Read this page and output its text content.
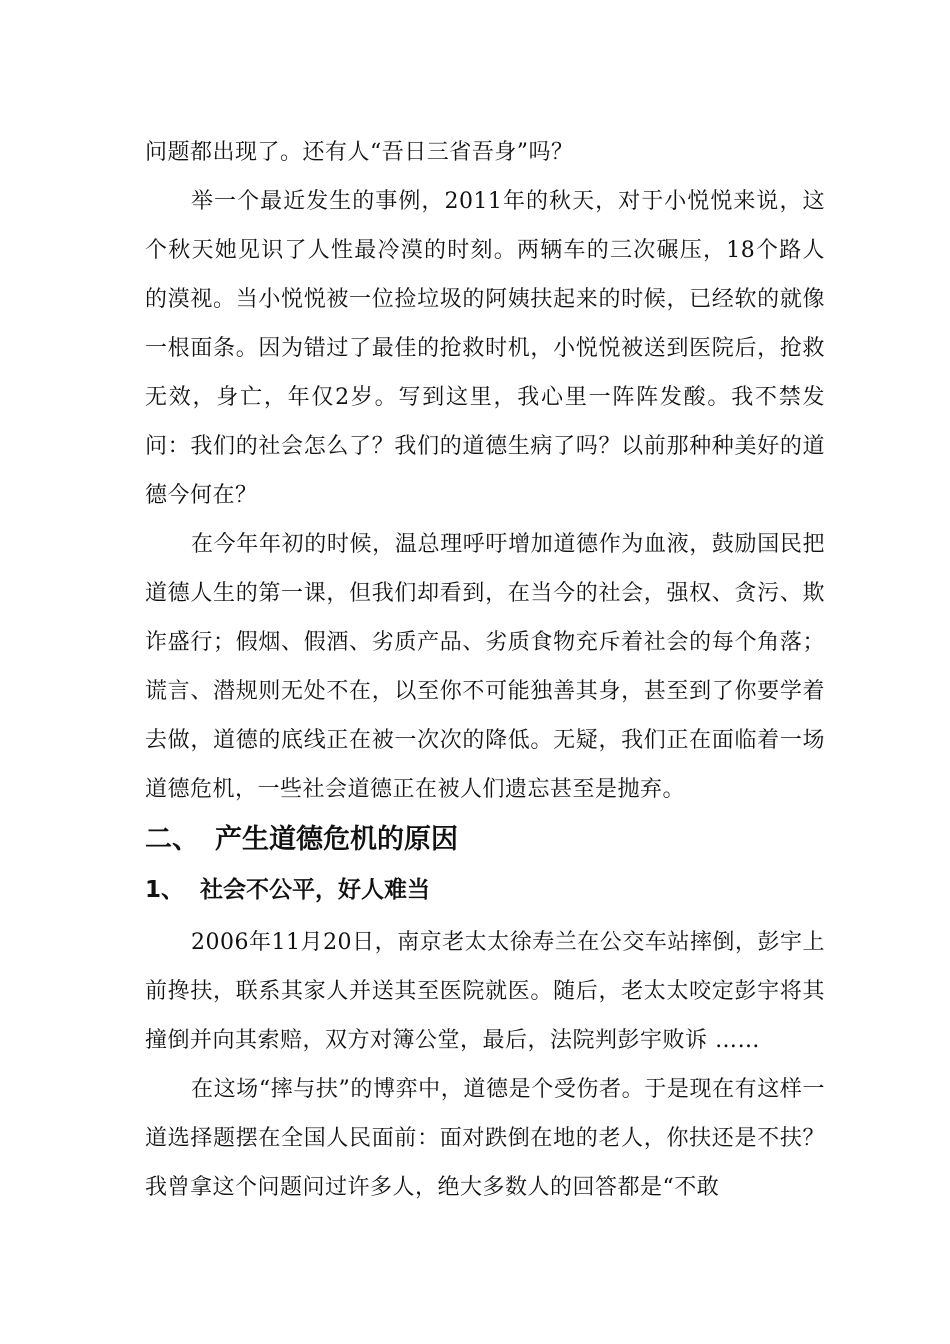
问题都出现了。还有人“吾日三省吾身”吗？

举一个最近发生的事例，2011年的秋天，对于小悦悦来说，这个秋天她见识了人性最冷漠的时刻。两辆车的三次碾压，18个路人的漠视。当小悦悦被一位捡垃圾的阿姨扶起来的时候，已经软的就像一根面条。因为错过了最佳的抢救时机，小悦悦被送到医院后，抢救无效，身亡，年仅2岁。写到这里，我心里一阵阵发酸。我不禁发问：我们的社会怎么了？我们的道德生病了吗？以前那种种美好的道德今何在？

在今年年初的时候，温总理呼吁增加道德作为血液，鼓励国民把道德人生的第一课，但我们却看到，在当今的社会，强权、贪污、欺诈盛行；假烟、假酒、劣质产品、劣质食物充斥着社会的每个角落；谎言、潜规则无处不在，以至你不可能独善其身，甚至到了你要学着去做，道德的底线正在被一次次的降低。无疑，我们正在面临着一场道德危机，一些社会道德正在被人们遗忘甚至是抛弃。

二、 产生道德危机的原因
1、 社会不公平，好人难当

2006年11月20日，南京老太太徐寿兰在公交车站摔倒，彭宇上前搀扶，联系其家人并送其至医院就医。随后，老太太咬定彭宇将其撞倒并向其索赔，双方对簿公堂，最后，法院判彭宇败诉 ……

在这场“摔与扶”的博弈中，道德是个受伤者。于是现在有这样一道选择题摆在全国人民面前：面对跌倒在地的老人，你扶还是不扶？我曾拿这个问题问过许多人，绝大多数人的回答都是“不敢
